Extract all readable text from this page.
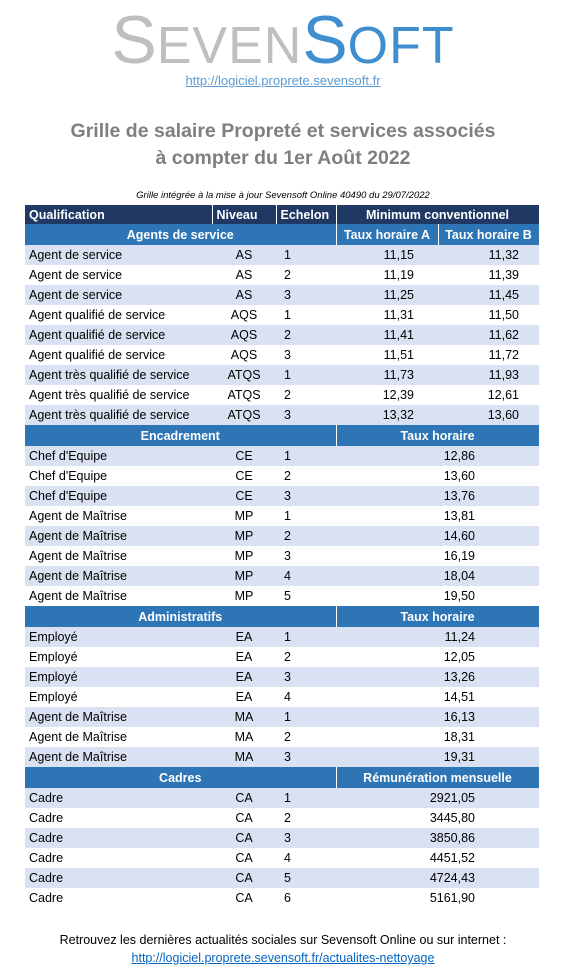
SEVENSOFT
http://logiciel.proprete.sevensoft.fr
Grille de salaire Propreté et services associés
à compter du 1er Août 2022
Grille intégrée à la mise à jour Sevensoft Online 40490 du 29/07/2022
Qualification	Niveau	Echelon	Minimum conventionnel	
Agents de service			Taux horaire A	Taux horaire B
Agent de service	AS	1	11,15	11,32
Agent de service	AS	2	11,19	11,39
Agent de service	AS	3	11,25	11,45
Agent qualifié de service	AQS	1	11,31	11,50
Agent qualifié de service	AQS	2	11,41	11,62
Agent qualifié de service	AQS	3	11,51	11,72
Agent très qualifié de service	ATQS	1	11,73	11,93
Agent très qualifié de service	ATQS	2	12,39	12,61
Agent très qualifié de service	ATQS	3	13,32	13,60
Encadrement			Taux horaire	
Chef d'Equipe	CE	1	12,86	
Chef d'Equipe	CE	2	13,60	
Chef d'Equipe	CE	3	13,76	
Agent de Maîtrise	MP	1	13,81	
Agent de Maîtrise	MP	2	14,60	
Agent de Maîtrise	MP	3	16,19	
Agent de Maîtrise	MP	4	18,04	
Agent de Maîtrise	MP	5	19,50	
Administratifs			Taux horaire	
Employé	EA	1	11,24	
Employé	EA	2	12,05	
Employé	EA	3	13,26	
Employé	EA	4	14,51	
Agent de Maîtrise	MA	1	16,13	
Agent de Maîtrise	MA	2	18,31	
Agent de Maîtrise	MA	3	19,31	
Cadres			Rémunération mensuelle	
Cadre	CA	1	2921,05	
Cadre	CA	2	3445,80	
Cadre	CA	3	3850,86	
Cadre	CA	4	4451,52	
Cadre	CA	5	4724,43	
Cadre	CA	6	5161,90	
Retrouvez les dernières actualités sociales sur Sevensoft Online ou sur internet :
http://logiciel.proprete.sevensoft.fr/actualites-nettoyage
